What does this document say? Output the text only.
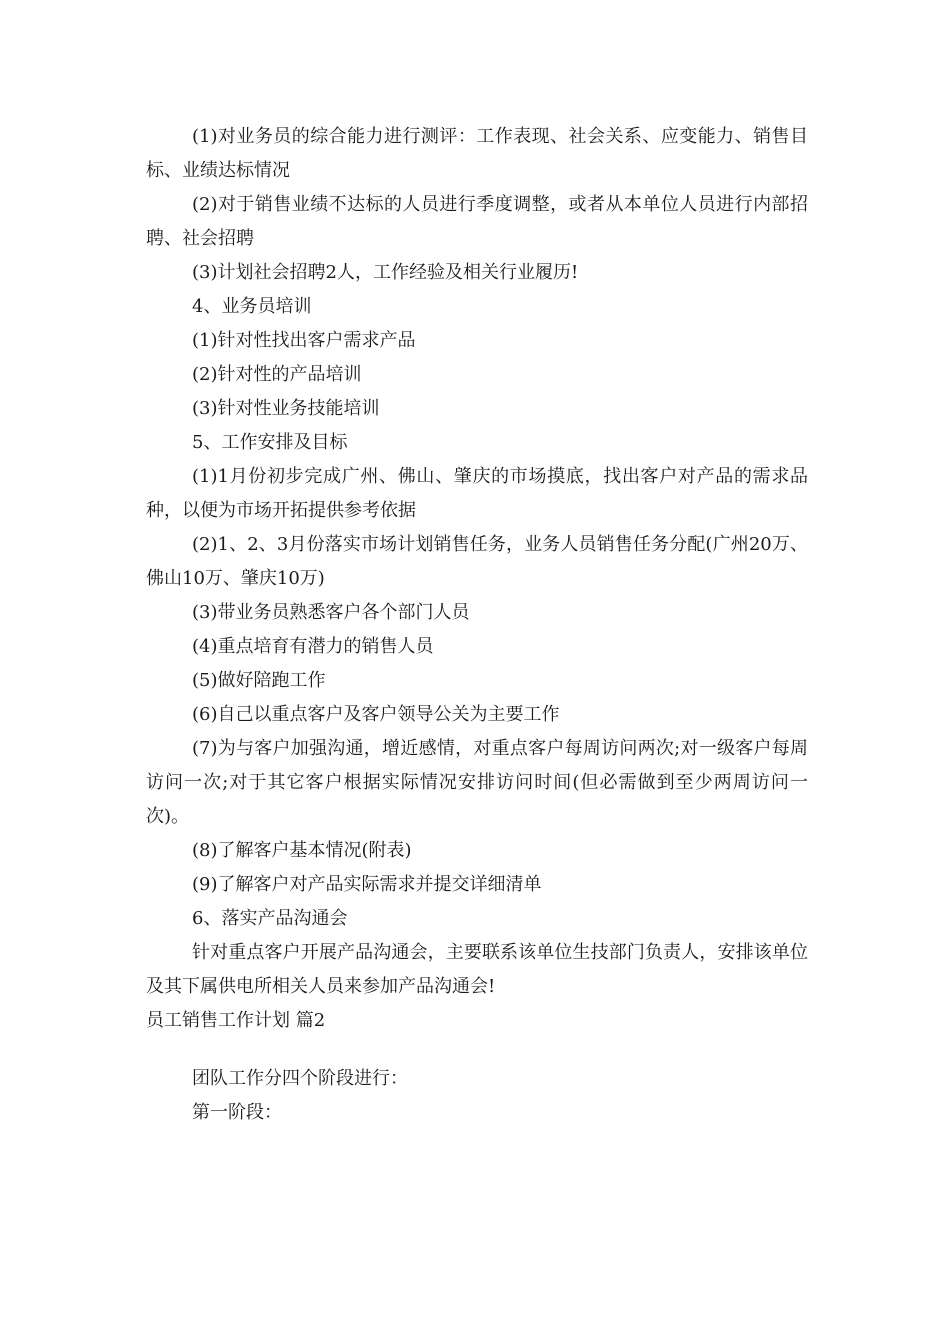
(1)对业务员的综合能力进行测评：工作表现、社会关系、应变能力、销售目标、业绩达标情况

(2)对于销售业绩不达标的人员进行季度调整，或者从本单位人员进行内部招聘、社会招聘

(3)计划社会招聘2人，工作经验及相关行业履历!

4、业务员培训

(1)针对性找出客户需求产品

(2)针对性的产品培训

(3)针对性业务技能培训

5、工作安排及目标

(1)1月份初步完成广州、佛山、肇庆的市场摸底，找出客户对产品的需求品种，以便为市场开拓提供参考依据

(2)1、2、3月份落实市场计划销售任务，业务人员销售任务分配(广州20万、佛山10万、肇庆10万)

(3)带业务员熟悉客户各个部门人员

(4)重点培育有潜力的销售人员

(5)做好陪跑工作

(6)自己以重点客户及客户领导公关为主要工作

(7)为与客户加强沟通，增近感情，对重点客户每周访问两次;对一级客户每周访问一次;对于其它客户根据实际情况安排访问时间(但必需做到至少两周访问一次)。

(8)了解客户基本情况(附表)

(9)了解客户对产品实际需求并提交详细清单

6、落实产品沟通会

针对重点客户开展产品沟通会，主要联系该单位生技部门负责人，安排该单位及其下属供电所相关人员来参加产品沟通会!

员工销售工作计划 篇2

团队工作分四个阶段进行：

第一阶段：
